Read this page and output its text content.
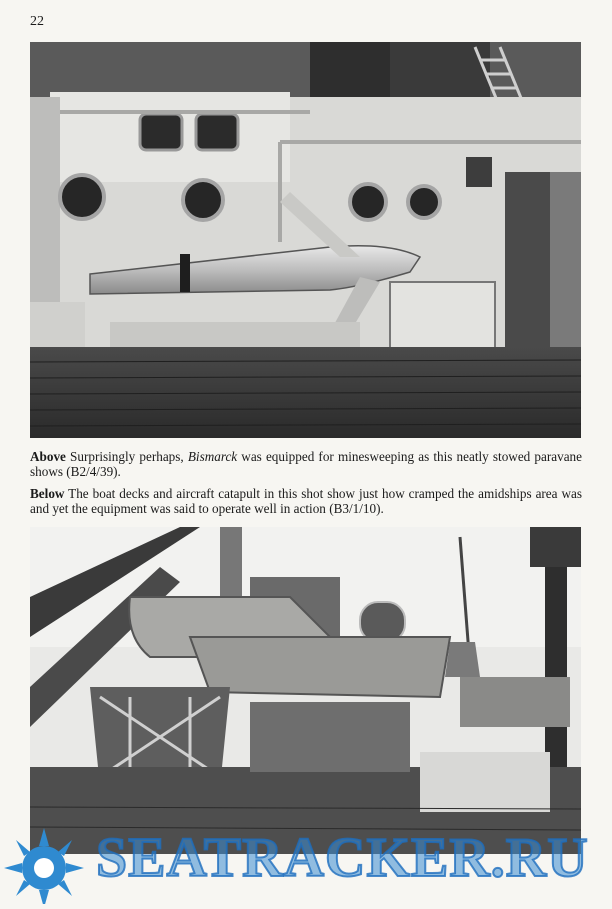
22

Above Surprisingly perhaps, Bismarck was equipped for minesweeping as this neatly stowed paravane shows (B2/4/39).

Below The boat decks and aircraft catapult in this shot show just how cramped the amidships area was and yet the equipment was said to operate well in action (B3/1/10).

SEATRACKER.RU
